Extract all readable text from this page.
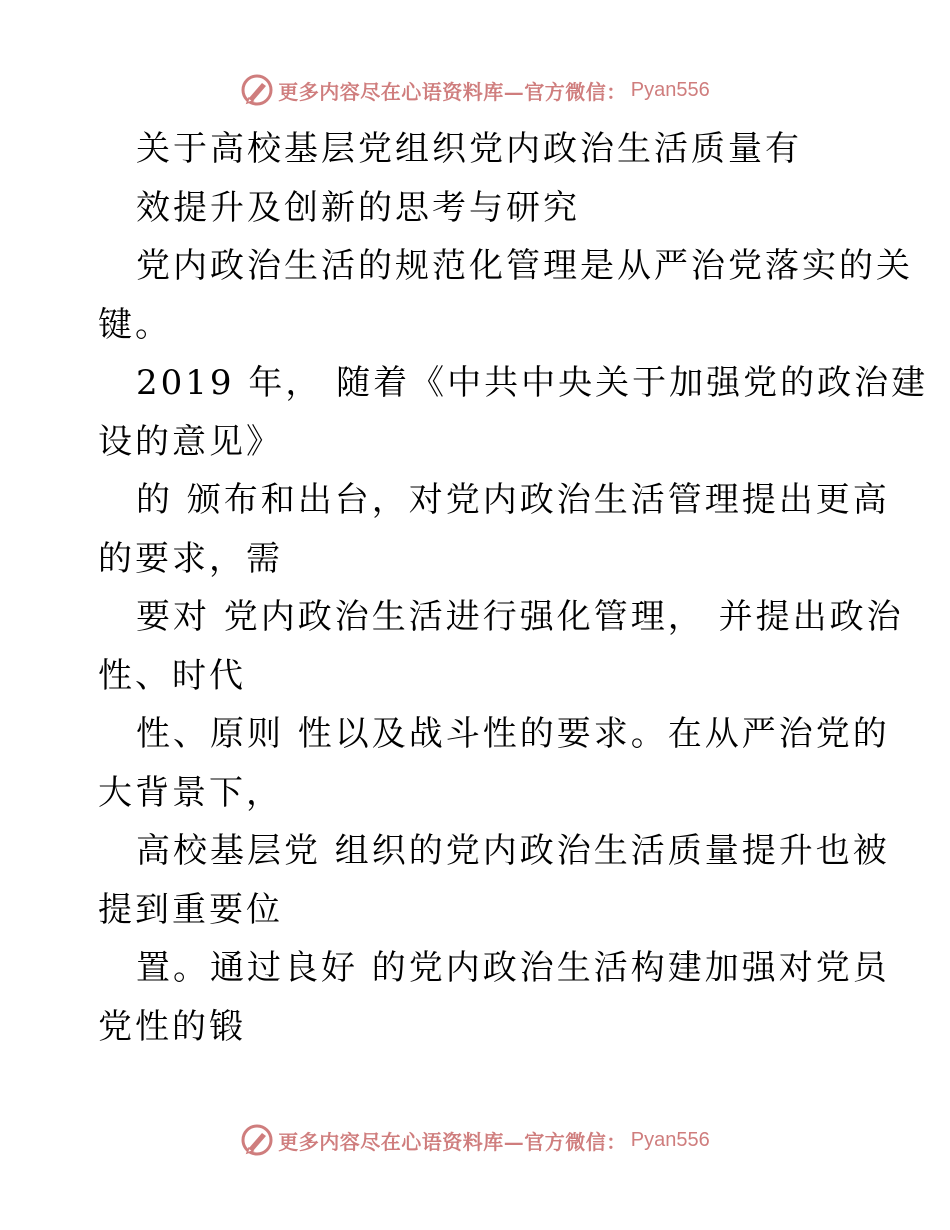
更多内容尽在心语资料库—官方微信： Pyan556
关于高校基层党组织党内政治生活质量有
效提升及创新的思考与研究
党内政治生活的规范化管理是从严治党落实的关
键。
2019 年， 随着《中共中央关于加强党的政治建
设的意见》
的 颁布和出台，对党内政治生活管理提出更高
的要求，需
要对 党内政治生活进行强化管理， 并提出政治
性、时代
性、原则 性以及战斗性的要求。在从严治党的
大背景下，
高校基层党 组织的党内政治生活质量提升也被
提到重要位
置。通过良好 的党内政治生活构建加强对党员
党性的锻
更多内容尽在心语资料库—官方微信： Pyan556
